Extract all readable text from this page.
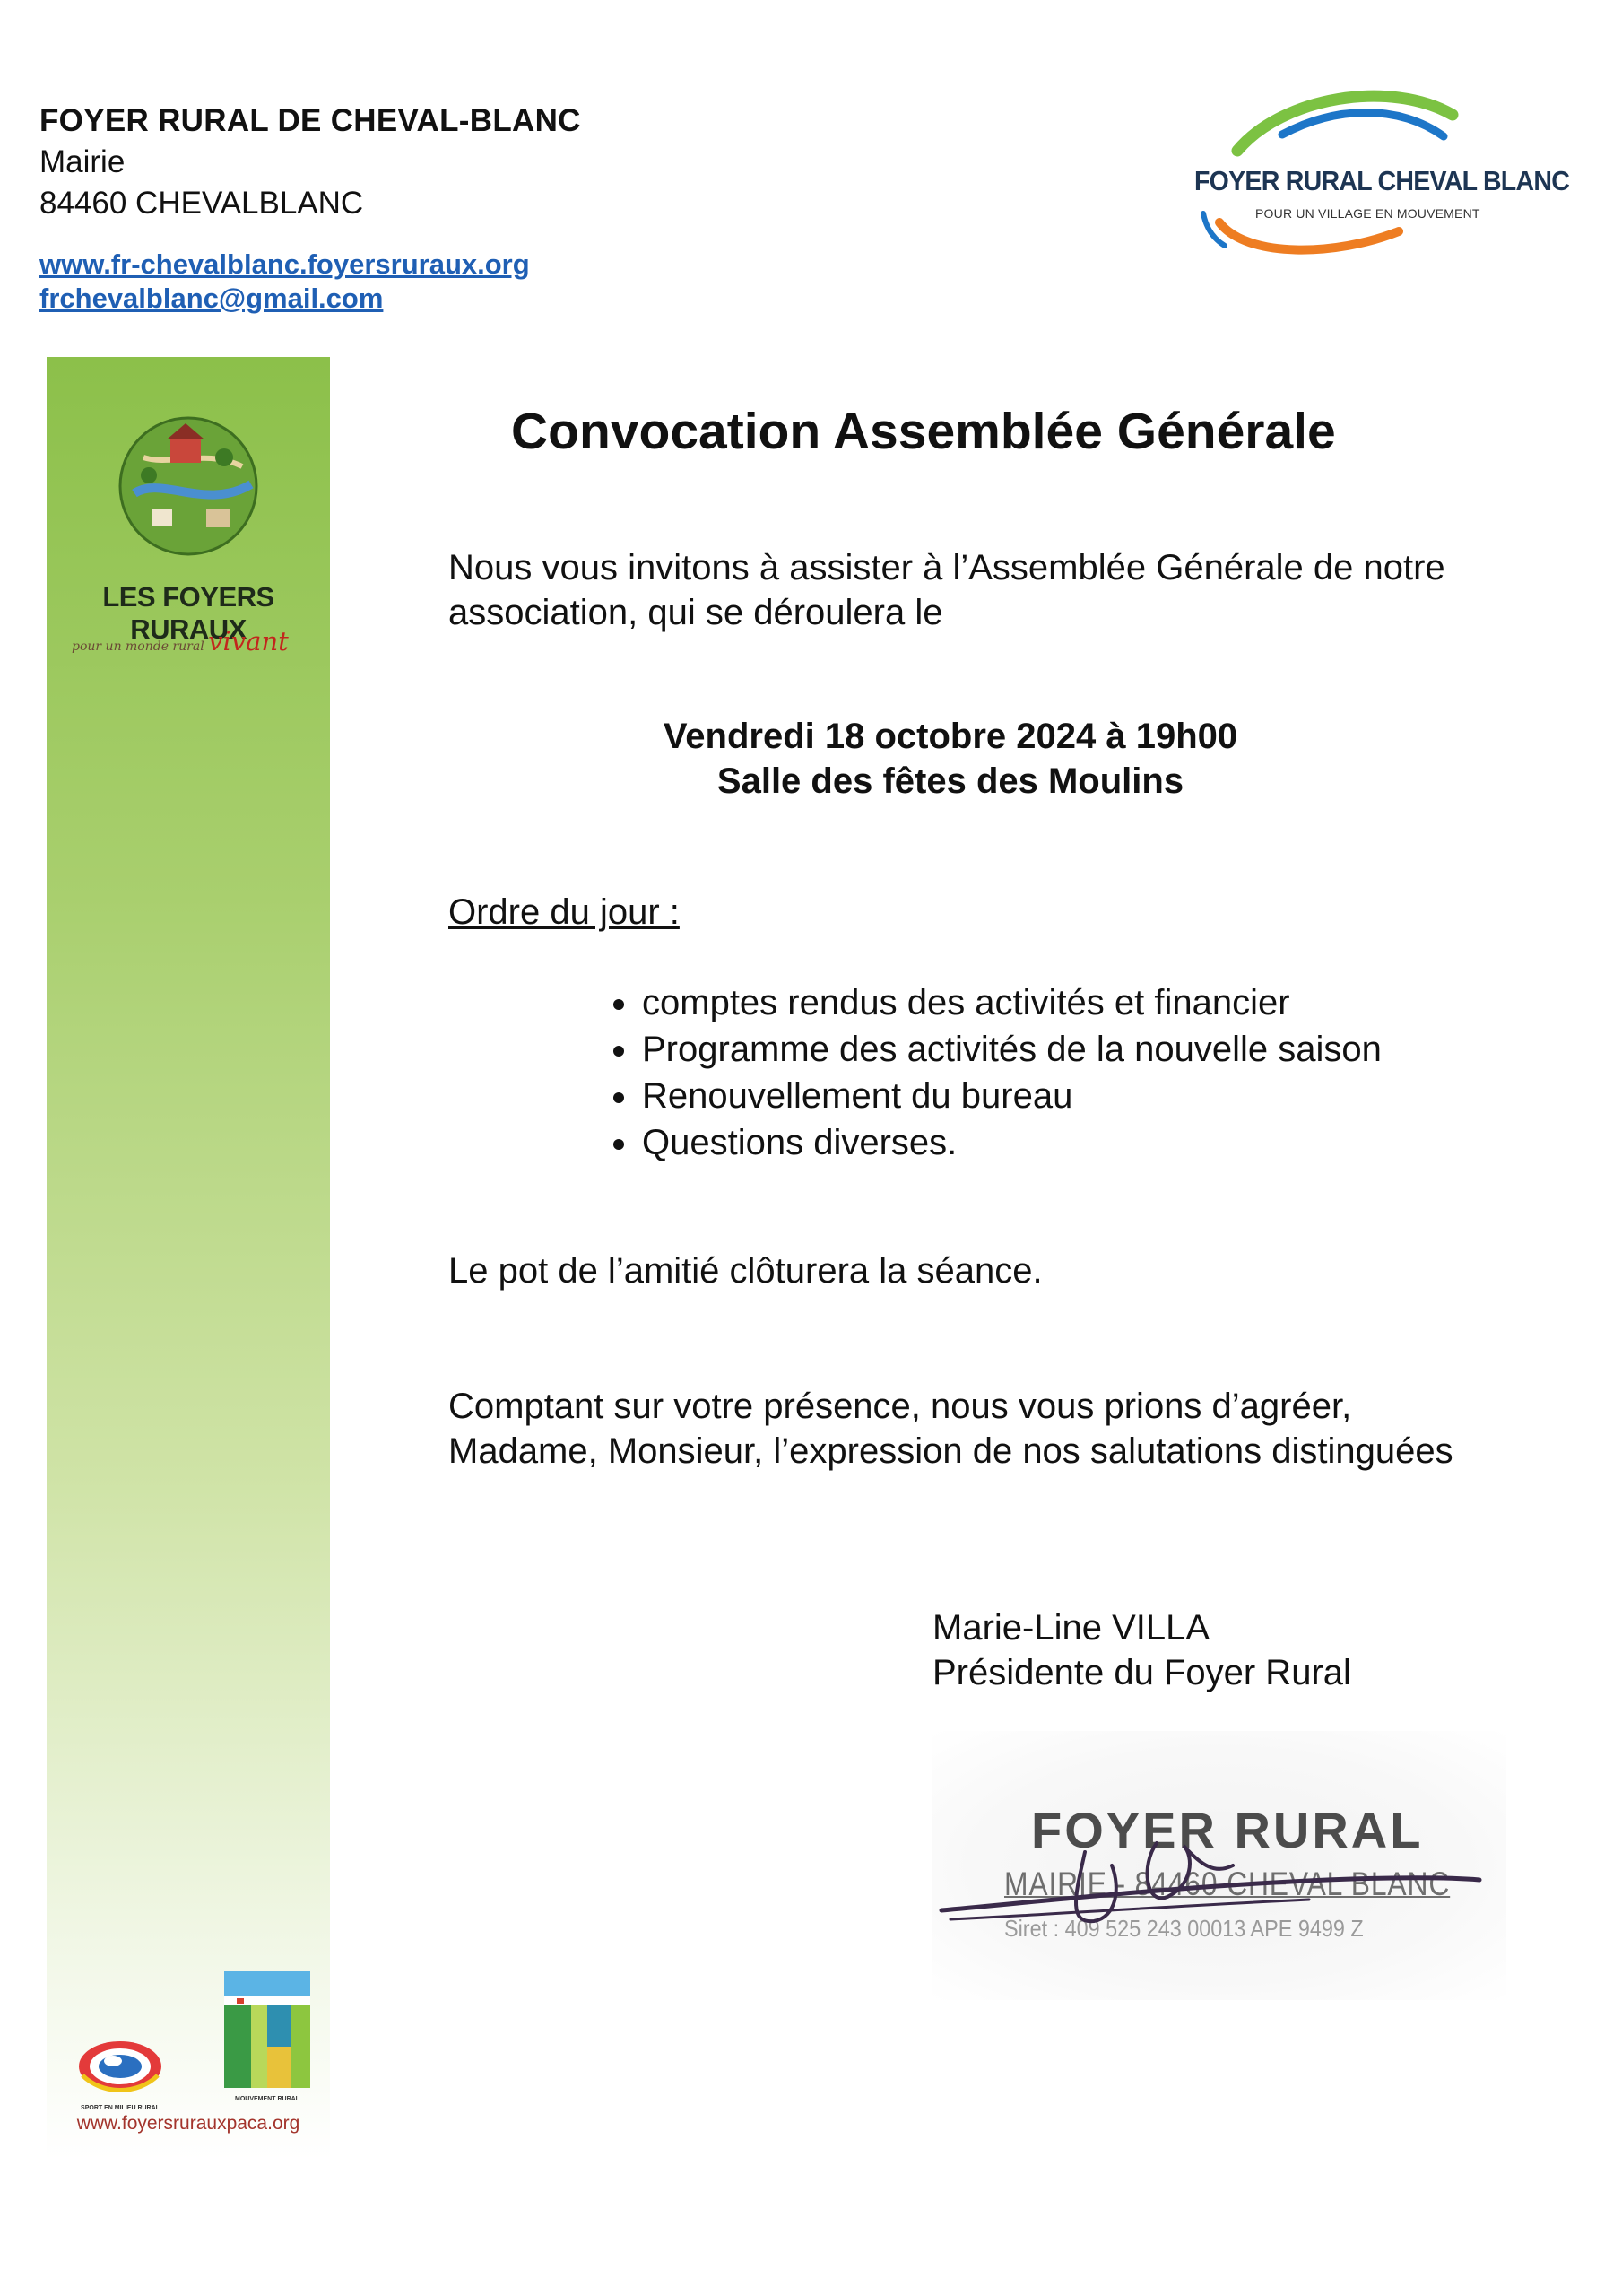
FOYER RURAL DE CHEVAL-BLANC
Mairie
84460 CHEVALBLANC
www.fr-chevalblanc.foyersruraux.org
frchevalblanc@gmail.com
FOYER RURAL CHEVAL BLANC
POUR UN VILLAGE EN MOUVEMENT
LES FOYERS RURAUX
pour un monde rural vivant
SPORT EN MILIEU RURAL
MOUVEMENT RURAL
www.foyersrurauxpaca.org
Convocation Assemblée Générale
Nous vous invitons à assister à l’Assemblée Générale de notre
association, qui se déroulera le
Vendredi 18 octobre 2024 à 19h00
Salle des fêtes des Moulins
Ordre du jour :
comptes rendus des activités et financier
Programme des activités de la nouvelle saison
Renouvellement du bureau
Questions diverses.
Le pot de l’amitié clôturera la séance.
Comptant sur votre présence, nous vous prions d’agréer,
Madame, Monsieur, l’expression de nos salutations distinguées
Marie-Line VILLA
Présidente du Foyer Rural
FOYER RURAL
MAIRIE - 84460 CHEVAL BLANC
Siret : 409 525 243 00013 APE 9499 Z
